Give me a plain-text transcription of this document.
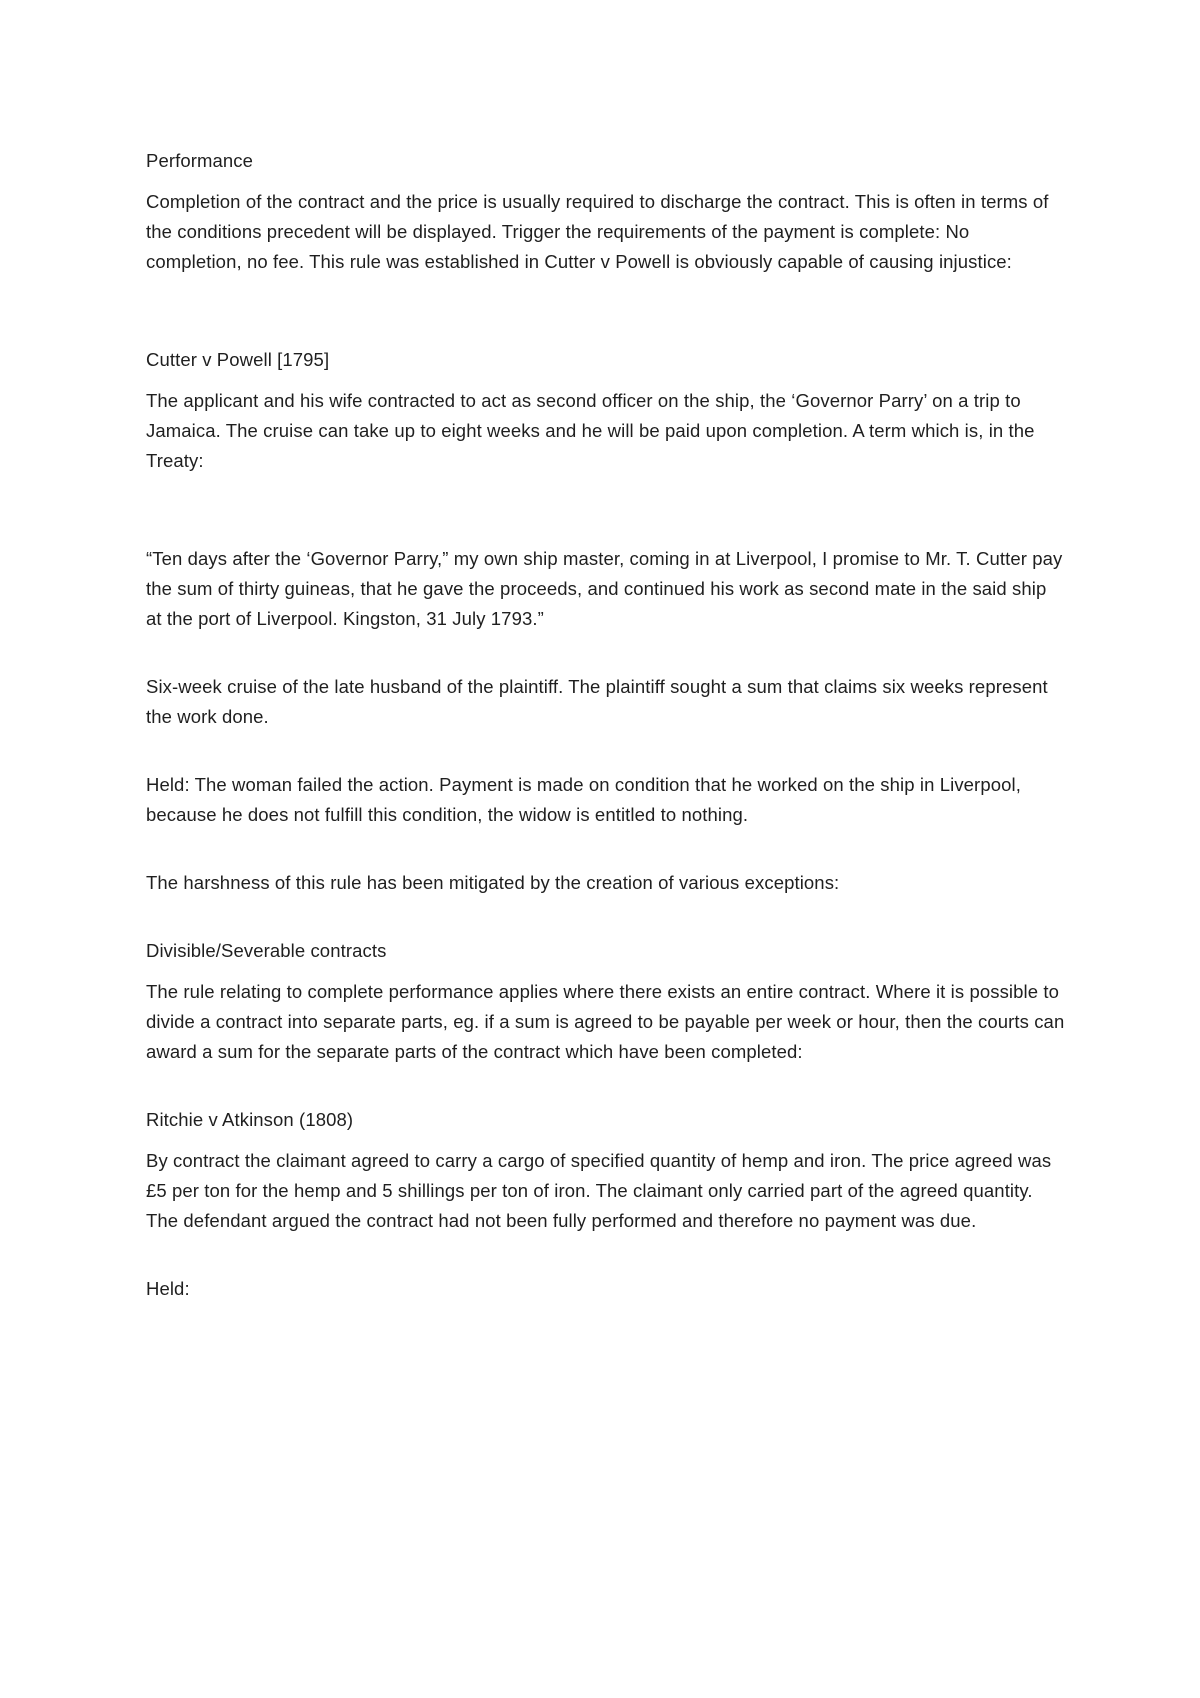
Performance

Completion of the contract and the price is usually required to discharge the contract. This is often in terms of the conditions precedent will be displayed. Trigger the requirements of the payment is complete: No completion, no fee. This rule was established in Cutter v Powell is obviously capable of causing injustice:

Cutter v Powell [1795]

The applicant and his wife contracted to act as second officer on the ship, the ‘Governor Parry’ on a trip to Jamaica. The cruise can take up to eight weeks and he will be paid upon completion. A term which is, in the Treaty:

“Ten days after the ‘Governor Parry,” my own ship master, coming in at Liverpool, I promise to Mr. T. Cutter pay the sum of thirty guineas, that he gave the proceeds, and continued his work as second mate in the said ship at the port of Liverpool. Kingston, 31 July 1793.”

Six-week cruise of the late husband of the plaintiff. The plaintiff sought a sum that claims six weeks represent the work done.

Held: The woman failed the action. Payment is made on condition that he worked on the ship in Liverpool, because he does not fulfill this condition, the widow is entitled to nothing.

The harshness of this rule has been mitigated by the creation of various exceptions:

Divisible/Severable contracts

The rule relating to complete performance applies where there exists an entire contract. Where it is possible to divide a contract into separate parts, eg. if a sum is agreed to be payable per week or hour, then the courts can award a sum for the separate parts of the contract which have been completed:

Ritchie v Atkinson (1808)

By contract the claimant agreed to carry a cargo of specified quantity of hemp and iron. The price agreed was £5 per ton for the hemp and 5 shillings per ton of iron. The claimant only carried part of the agreed quantity. The defendant argued the contract had not been fully performed and therefore no payment was due.

Held:
